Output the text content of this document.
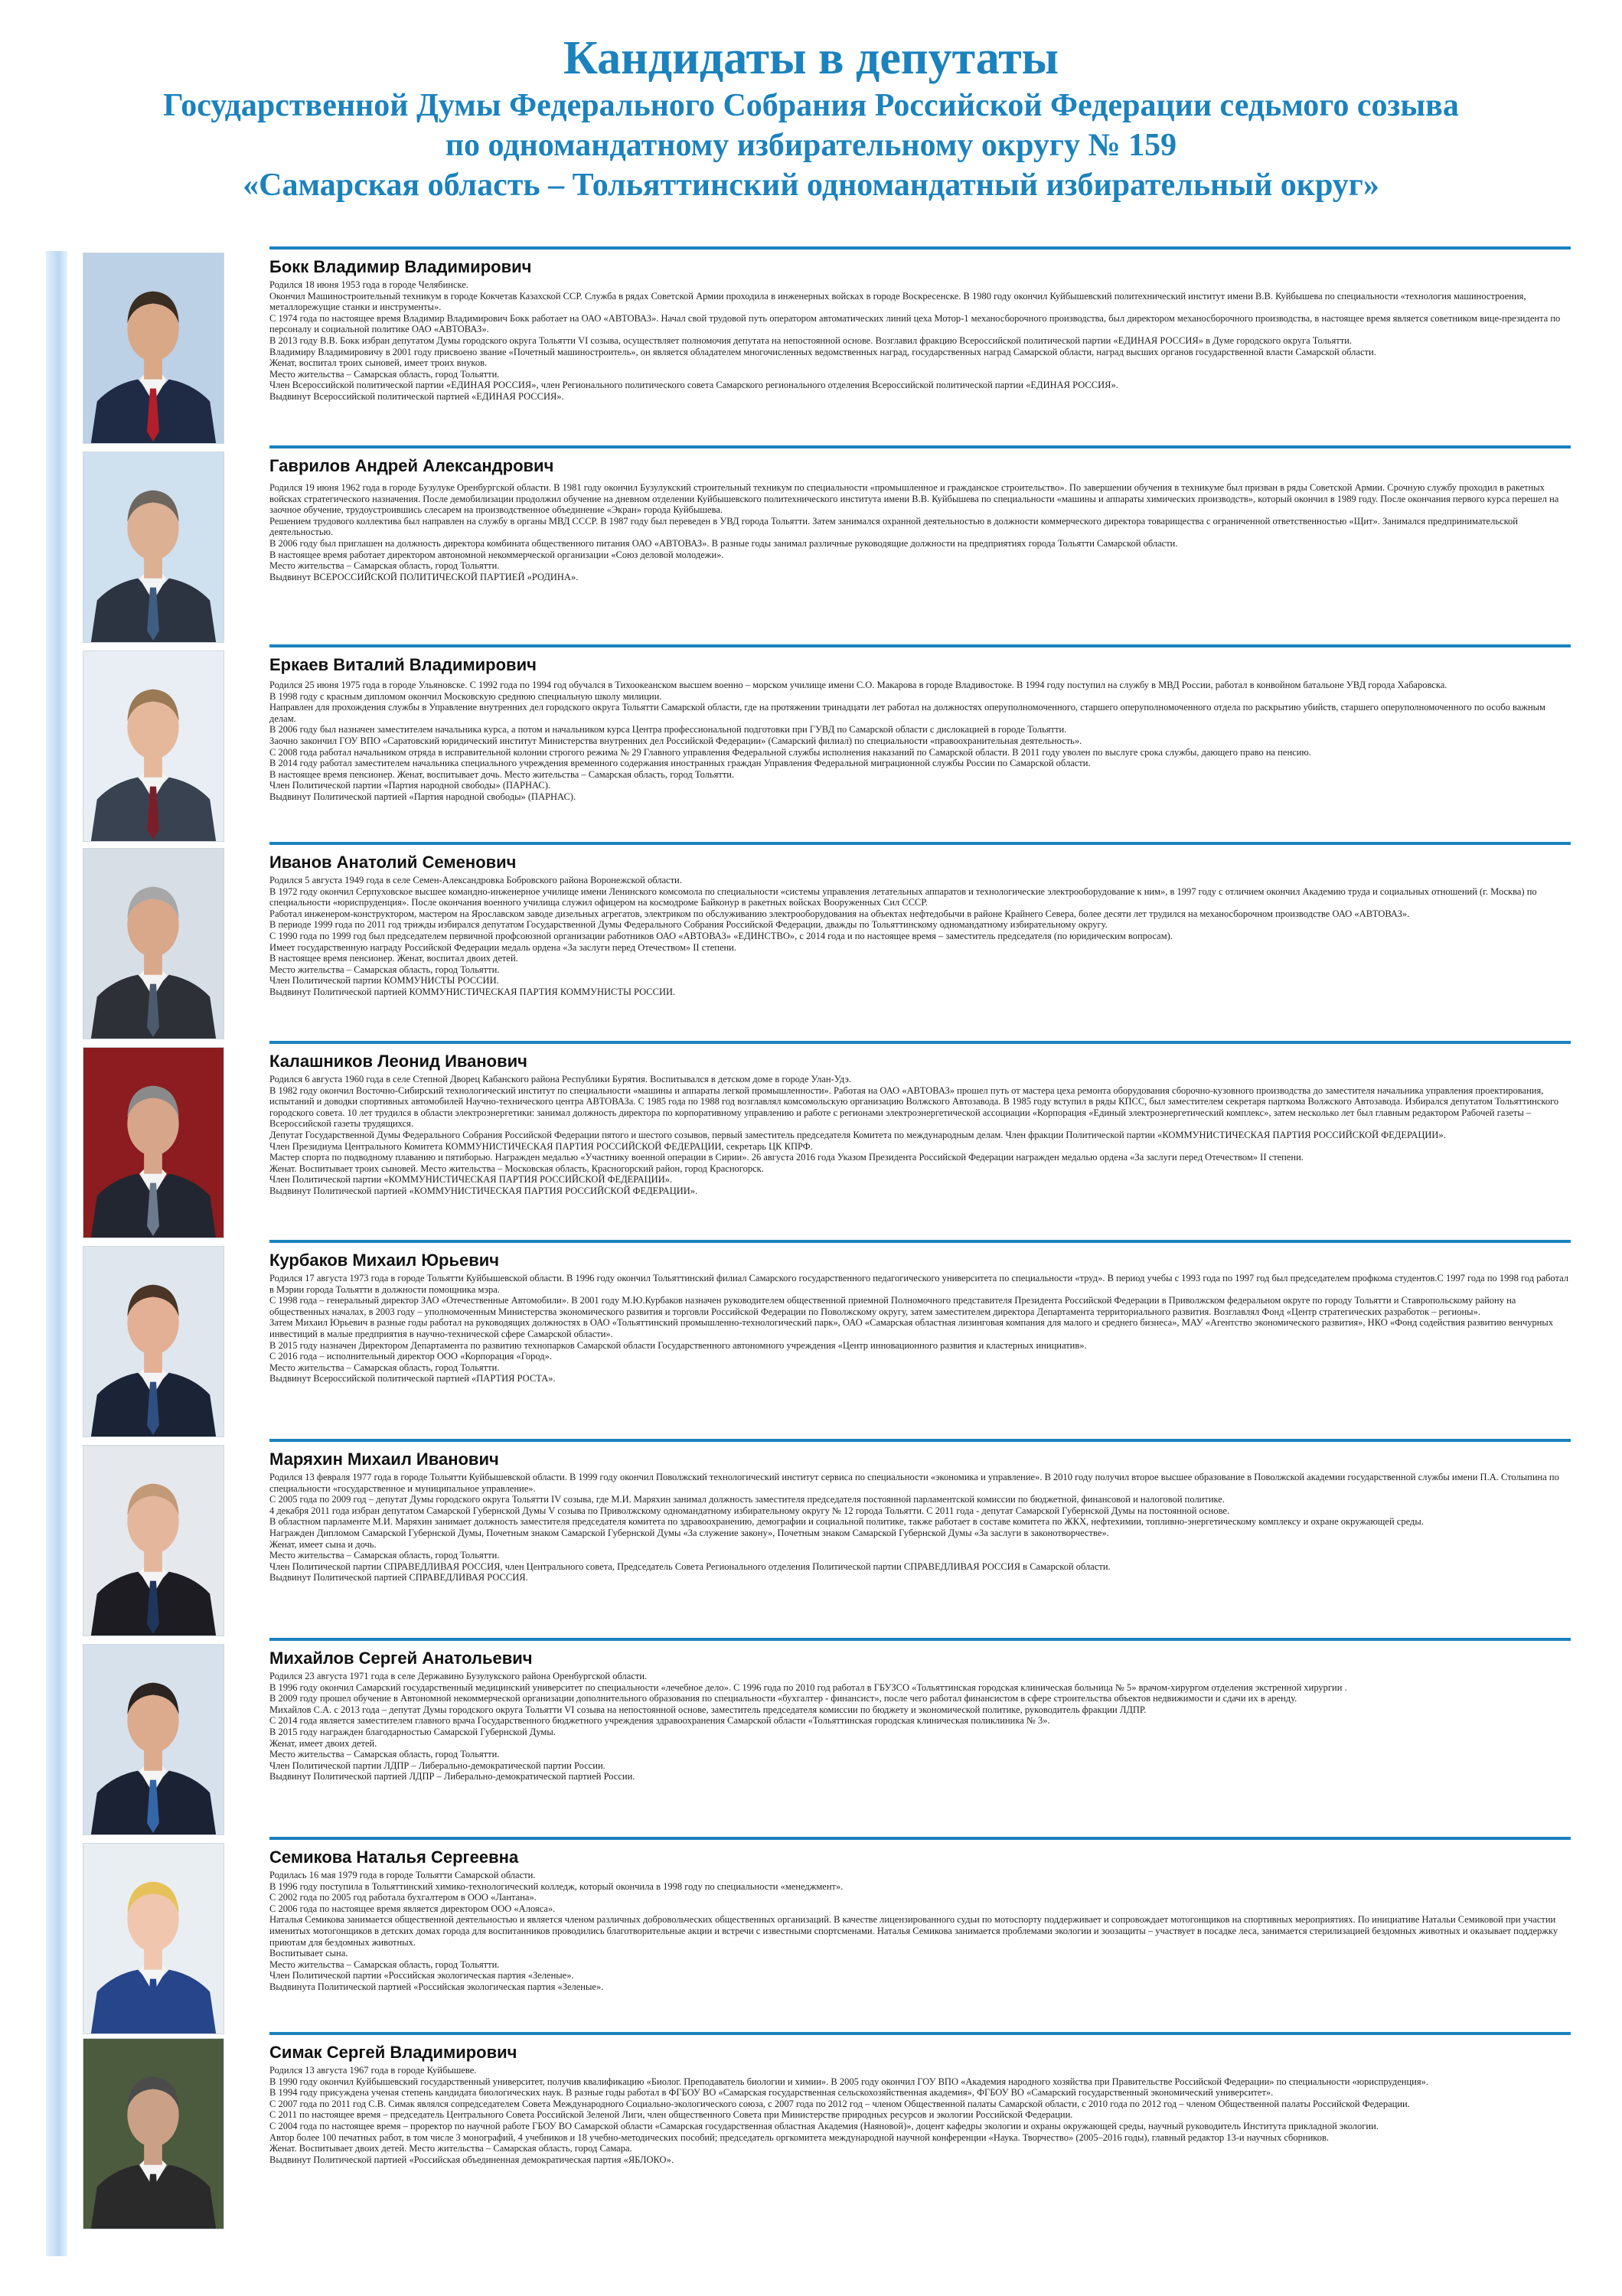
Кандидаты в депутаты
Государственной Думы Федерального Собрания Российской Федерации седьмого созыва
по одномандатному избирательному округу № 159
«Самарская область – Тольяттинский одномандатный избирательный округ»
Бокк Владимир Владимирович

Родился 18 июня 1953 года в городе Челябинске.

Окончил Машиностроительный техникум в городе Кокчетав Казахской ССР. Служба в рядах Советской Армии проходила в инженерных войсках в городе Воскресенске. В 1980 году окончил Куйбышевский политехнический институт имени В.В. Куйбышева по специальности «технология машиностроения, металлорежущие станки и инструменты».

С 1974 года по настоящее время Владимир Владимирович Бокк работает на ОАО «АВТОВАЗ». Начал свой трудовой путь оператором автоматических линий цеха Мотор-1 механосборочного производства, был директором механосборочного производства, в настоящее время является советником вице-президента по персоналу и социальной политике ОАО «АВТОВАЗ».

В 2013 году В.В. Бокк избран депутатом Думы городского округа Тольятти VI созыва, осуществляет полномочия депутата на непостоянной основе. Возглавил фракцию Всероссийской политической партии «ЕДИНАЯ РОССИЯ» в Думе городского округа Тольятти.

Владимиру Владимировичу в 2001 году присвоено звание «Почетный машиностроитель», он является обладателем многочисленных ведомственных наград, государственных наград Самарской области, наград высших органов государственной власти Самарской области.

Женат, воспитал троих сыновей, имеет троих внуков.

Место жительства – Самарская область, город Тольятти.

Член Всероссийской политической партии «ЕДИНАЯ РОССИЯ», член Регионального политического совета Самарского регионального отделения Всероссийской политической партии «ЕДИНАЯ РОССИЯ».

Выдвинут Всероссийской политической партией «ЕДИНАЯ РОССИЯ».

Гаврилов Андрей Александрович

Родился 19 июня 1962 года в городе Бузулуке Оренбургской области. В 1981 году окончил Бузулукский строительный техникум по специальности «промышленное и гражданское строительство». По завершении обучения в техникуме был призван в ряды Советской Армии. Срочную службу проходил в ракетных войсках стратегического назначения. После демобилизации продолжил обучение на дневном отделении Куйбышевского политехнического института имени В.В. Куйбышева по специальности «машины и аппараты химических производств», который окончил в 1989 году. После окончания первого курса перешел на заочное обучение, трудоустроившись слесарем на производственное объединение «Экран» города Куйбышева.

Решением трудового коллектива был направлен на службу в органы МВД СССР. В 1987 году был переведен в УВД города Тольятти. Затем занимался охранной деятельностью в должности коммерческого директора товарищества с ограниченной ответственностью «Щит». Занимался предпринимательской деятельностью.

В 2006 году был приглашен на должность директора комбината общественного питания ОАО «АВТОВАЗ». В разные годы занимал различные руководящие должности на предприятиях города Тольятти Самарской области.

В настоящее время работает директором автономной некоммерческой организации «Союз деловой молодежи».

Место жительства – Самарская область, город Тольятти.

Выдвинут ВСЕРОССИЙСКОЙ ПОЛИТИЧЕСКОЙ ПАРТИЕЙ «РОДИНА».

Еркаев Виталий Владимирович

Родился 25 июня 1975 года в городе Ульяновске. С 1992 года по 1994 год обучался в Тихоокеанском высшем военно – морском училище имени С.О. Макарова в городе Владивостоке. В 1994 году поступил на службу в МВД России, работал в конвойном батальоне УВД города Хабаровска.

В 1998 году с красным дипломом окончил Московскую среднюю специальную школу милиции.

Направлен для прохождения службы в Управление внутренних дел городского округа Тольятти Самарской области, где на протяжении тринадцати лет работал на должностях оперуполномоченного, старшего оперуполномоченного отдела по раскрытию убийств, старшего оперуполномоченного по особо важным делам.

В 2006 году был назначен заместителем начальника курса, а потом и начальником курса Центра профессиональной подготовки при ГУВД по Самарской области с дислокацией в городе Тольятти.

Заочно закончил ГОУ ВПО «Саратовский юридический институт Министерства внутренних дел Российской Федерации» (Самарский филиал) по специальности «правоохранительная деятельность».

С 2008 года работал начальником отряда в исправительной колонии строгого режима № 29 Главного управления Федеральной службы исполнения наказаний по Самарской области. В 2011 году уволен по выслуге срока службы, дающего право на пенсию.

В 2014 году работал заместителем начальника специального учреждения временного содержания иностранных граждан Управления Федеральной миграционной службы России по Самарской области.

В настоящее время пенсионер. Женат, воспитывает дочь. Место жительства – Самарская область, город Тольятти.

Член Политической партии «Партия народной свободы» (ПАРНАС).

Выдвинут Политической партией «Партия народной свободы» (ПАРНАС).

Иванов Анатолий Семенович

Родился 5 августа 1949 года в селе Семен-Александровка Бобровского района Воронежской области.

В 1972 году окончил Серпуховское высшее командно-инженерное училище имени Ленинского комсомола по специальности «системы управления летательных аппаратов и технологические электрооборудование к ним», в 1997 году с отличием окончил Академию труда и социальных отношений (г. Москва) по специальности «юриспруденция». После окончания военного училища служил офицером на космодроме Байконур в ракетных войсках Вооруженных Сил СССР.

Работал инженером-конструктором, мастером на Ярославском заводе дизельных агрегатов, электриком по обслуживанию электрооборудования на объектах нефтедобычи в районе Крайнего Севера, более десяти лет трудился на механосборочном производстве ОАО «АВТОВАЗ».

В периоде 1999 года по 2011 год трижды избирался депутатом Государственной Думы Федерального Собрания Российской Федерации, дважды по Тольяттинскому одномандатному избирательному округу.

С 1990 года по 1999 год был председателем первичной профсоюзной организации работников ОАО «АВТОВАЗ» «ЕДИНСТВО», с 2014 года и по настоящее время – заместитель председателя (по юридическим вопросам).

Имеет государственную награду Российской Федерации медаль ордена «За заслуги перед Отечеством» II степени.

В настоящее время пенсионер. Женат, воспитал двоих детей.

Место жительства – Самарская область, город Тольятти.

Член Политической партии КОММУНИСТЫ РОССИИ.

Выдвинут Политической партией КОММУНИСТИЧЕСКАЯ ПАРТИЯ КОММУНИСТЫ РОССИИ.

Калашников Леонид Иванович

Родился 6 августа 1960 года в селе Степной Дворец Кабанского района Республики Бурятия. Воспитывался в детском доме в городе Улан-Удэ.

В 1982 году окончил Восточно-Сибирский технологический институт по специальности «машины и аппараты легкой промышленности». Работая на ОАО «АВТОВАЗ» прошел путь от мастера цеха ремонта оборудования сборочно-кузовного производства до заместителя начальника управления проектирования, испытаний и доводки спортивных автомобилей Научно-технического центра АВТОВАЗа. С 1985 года по 1988 год возглавлял комсомольскую организацию Волжского Автозавода. В 1985 году вступил в ряды КПСС, был заместителем секретаря парткома Волжского Автозавода. Избирался депутатом Тольяттинского городского совета. 10 лет трудился в области электроэнергетики: занимал должность директора по корпоративному управлению и работе с регионами электроэнергетической ассоциации «Корпорация «Единый электроэнергетический комплекс», затем несколько лет был главным редактором Рабочей газеты – Всероссийской газеты трудящихся.

Депутат Государственной Думы Федерального Собрания Российской Федерации пятого и шестого созывов, первый заместитель председателя Комитета по международным делам. Член фракции Политической партии «КОММУНИСТИЧЕСКАЯ ПАРТИЯ РОССИЙСКОЙ ФЕДЕРАЦИИ».

Член Президиума Центрального Комитета КОММУНИСТИЧЕСКАЯ ПАРТИЯ РОССИЙСКОЙ ФЕДЕРАЦИИ, секретарь ЦК КПРФ.

Мастер спорта по подводному плаванию и пятиборью. Награжден медалью «Участнику военной операции в Сирии». 26 августа 2016 года Указом Президента Российской Федерации награжден медалью ордена «За заслуги перед Отечеством» II степени.

Женат. Воспитывает троих сыновей. Место жительства – Московская область, Красногорский район, город Красногорск.

Член Политической партии «КОММУНИСТИЧЕСКАЯ ПАРТИЯ РОССИЙСКОЙ ФЕДЕРАЦИИ».

Выдвинут Политической партией «КОММУНИСТИЧЕСКАЯ ПАРТИЯ РОССИЙСКОЙ ФЕДЕРАЦИИ».

Курбаков Михаил Юрьевич

Родился 17 августа 1973 года в городе Тольятти Куйбышевской области. В 1996 году окончил Тольяттинский филиал Самарского государственного педагогического университета по специальности «труд». В период учебы с 1993 года по 1997 год был председателем профкома студентов.С 1997 года по 1998 год работал в Мэрии города Тольятти в должности помощника мэра.

С 1998 года – генеральный директор ЗАО «Отечественные Автомобили». В 2001 году М.Ю.Курбаков назначен руководителем общественной приемной Полномочного представителя Президента Российской Федерации в Приволжском федеральном округе по городу Тольятти и Ставропольскому району на общественных началах, в 2003 году – уполномоченным Министерства экономического развития и торговли Российской Федерации по Поволжскому округу, затем заместителем директора Департамента территориального развития. Возглавлял Фонд «Центр стратегических разработок – регионы».

Затем Михаил Юрьевич в разные годы работал на руководящих должностях в ОАО «Тольяттинский промышленно-технологический парк», ОАО «Самарская областная лизинговая компания для малого и среднего бизнеса», МАУ «Агентство экономического развития», НКО «Фонд содействия развитию венчурных инвестиций в малые предприятия в научно-технической сфере Самарской области».

В 2015 году назначен Директором Департамента по развитию технопарков Самарской области Государственного автономного учреждения «Центр инновационного развития и кластерных инициатив».

С 2016 года – исполнительный директор ООО «Корпорация «Город».

Место жительства – Самарская область, город Тольятти.

Выдвинут Всероссийской политической партией «ПАРТИЯ РОСТА».

Маряхин Михаил Иванович

Родился 13 февраля 1977 года в городе Тольятти Куйбышевской области. В 1999 году окончил Поволжский технологический институт сервиса по специальности «экономика и управление». В 2010 году получил второе высшее образование в Поволжской академии государственной службы имени П.А. Столыпина по специальности «государственное и муниципальное управление».

С 2005 года по 2009 год – депутат Думы городского округа Тольятти IV созыва, где М.И. Маряхин занимал должность заместителя председателя постоянной парламентской комиссии по бюджетной, финансовой и налоговой политике.

4 декабря 2011 года избран депутатом Самарской Губернской Думы V созыва по Приволжскому одномандатному избирательному округу № 12 города Тольятти. С 2011 года - депутат Самарской Губернской Думы на постоянной основе.

В областном парламенте М.И. Маряхин занимает должность заместителя председателя комитета по здравоохранению, демографии и социальной политике, также работает в составе комитета по ЖКХ, нефтехимии, топливно-энергетическому комплексу и охране окружающей среды.

Награжден Дипломом Самарской Губернской Думы, Почетным знаком Самарской Губернской Думы «За служение закону», Почетным знаком Самарской Губернской Думы «За заслуги в законотворчестве».

Женат, имеет сына и дочь.

Место жительства – Самарская область, город Тольятти.

Член Политической партии СПРАВЕДЛИВАЯ РОССИЯ, член Центрального совета, Председатель Совета Регионального отделения Политической партии СПРАВЕДЛИВАЯ РОССИЯ в Самарской области.

Выдвинут Политической партией СПРАВЕДЛИВАЯ РОССИЯ.

Михайлов Сергей Анатольевич

Родился 23 августа 1971 года в селе Державино Бузулукского района Оренбургской области.

В 1996 году окончил Самарский государственный медицинский университет по специальности «лечебное дело». С 1996 года по 2010 год работал в ГБУЗСО «Тольяттинская городская клиническая больница № 5» врачом-хирургом отделения экстренной хирургии .

В 2009 году прошел обучение в Автономной некоммерческой организации дополнительного образования по специальности «бухгалтер - финансист», после чего работал финансистом в сфере строительства объектов недвижимости и сдачи их в аренду.

Михайлов С.А. с 2013 года – депутат Думы городского округа Тольятти VI созыва на непостоянной основе, заместитель председателя комиссии по бюджету и экономической политике, руководитель фракции ЛДПР.

С 2014 года является заместителем главного врача Государственного бюджетного учреждения здравоохранения Самарской области «Тольяттинская городская клиническая поликлиника № 3».

В 2015 году награжден благодарностью Самарской Губернской Думы.

Женат, имеет двоих детей.

Место жительства – Самарская область, город Тольятти.

Член Политической партии ЛДПР – Либерально-демократической партии России.

Выдвинут Политической партией ЛДПР – Либерально-демократической партией России.

Семикова Наталья Сергеевна

Родилась 16 мая 1979 года в городе Тольятти Самарской области.

В 1996 году поступила в Тольяттинский химико-технологический колледж, который окончила в 1998 году по специальности «менеджмент».

С 2002 года по 2005 год работала бухгалтером в ООО «Лантана».

С 2006 года по настоящее время является директором ООО «Алояса».

Наталья Семикова занимается общественной деятельностью и является членом различных добровольческих общественных организаций. В качестве лицензированного судьи по мотоспорту поддерживает и сопровождает мотогонщиков на спортивных мероприятиях. По инициативе Натальи Семиковой при участии именитых мотогонщиков в детских домах города для воспитанников проводились благотворительные акции и встречи с известными спортсменами. Наталья Семикова занимается проблемами экологии и зоозащиты – участвует в посадке леса, занимается стерилизацией бездомных животных и оказывает поддержку приютам для бездомных животных.

Воспитывает сына.

Место жительства – Самарская область, город Тольятти.

Член Политической партии «Российская экологическая партия «Зеленые».

Выдвинута Политической партией «Российская экологическая партия «Зеленые».

Симак Сергей Владимирович

Родился 13 августа 1967 года в городе Куйбышеве.

В 1990 году окончил Куйбышевский государственный университет, получив квалификацию «Биолог. Преподаватель биологии и химии». В 2005 году окончил ГОУ ВПО «Академия народного хозяйства при Правительстве Российской Федерации» по специальности «юриспруденция».

В 1994 году присуждена ученая степень кандидата биологических наук. В разные годы работал в ФГБОУ ВО «Самарская государственная сельскохозяйственная академия», ФГБОУ ВО «Самарский государственный экономический университет».

С 2007 года по 2011 год С.В. Симак являлся сопредседателем Совета Международного Социально-экологического союза, с 2007 года по 2012 год – членом Общественной палаты Самарской области, с 2010 года по 2012 год – членом Общественной палаты Российской Федерации.

С 2011 по настоящее время – председатель Центрального Совета Российской Зеленой Лиги, член общественного Совета при Министерстве природных ресурсов и экологии Российской Федерации.

С 2004 года по настоящее время – проректор по научной работе ГБОУ ВО Самарской области «Самарская государственная областная Академия (Наяновой)», доцент кафедры экологии и охраны окружающей среды, научный руководитель Института прикладной экологии.

Автор более 100 печатных работ, в том числе 3 монографий, 4 учебников и 18 учебно-методических пособий; председатель оргкомитета международной научной конференции «Наука. Творчество» (2005–2016 годы), главный редактор 13-и научных сборников.

Женат. Воспитывает двоих детей. Место жительства – Самарская область, город Самара.

Выдвинут Политической партией «Российская объединенная демократическая партия «ЯБЛОКО».
